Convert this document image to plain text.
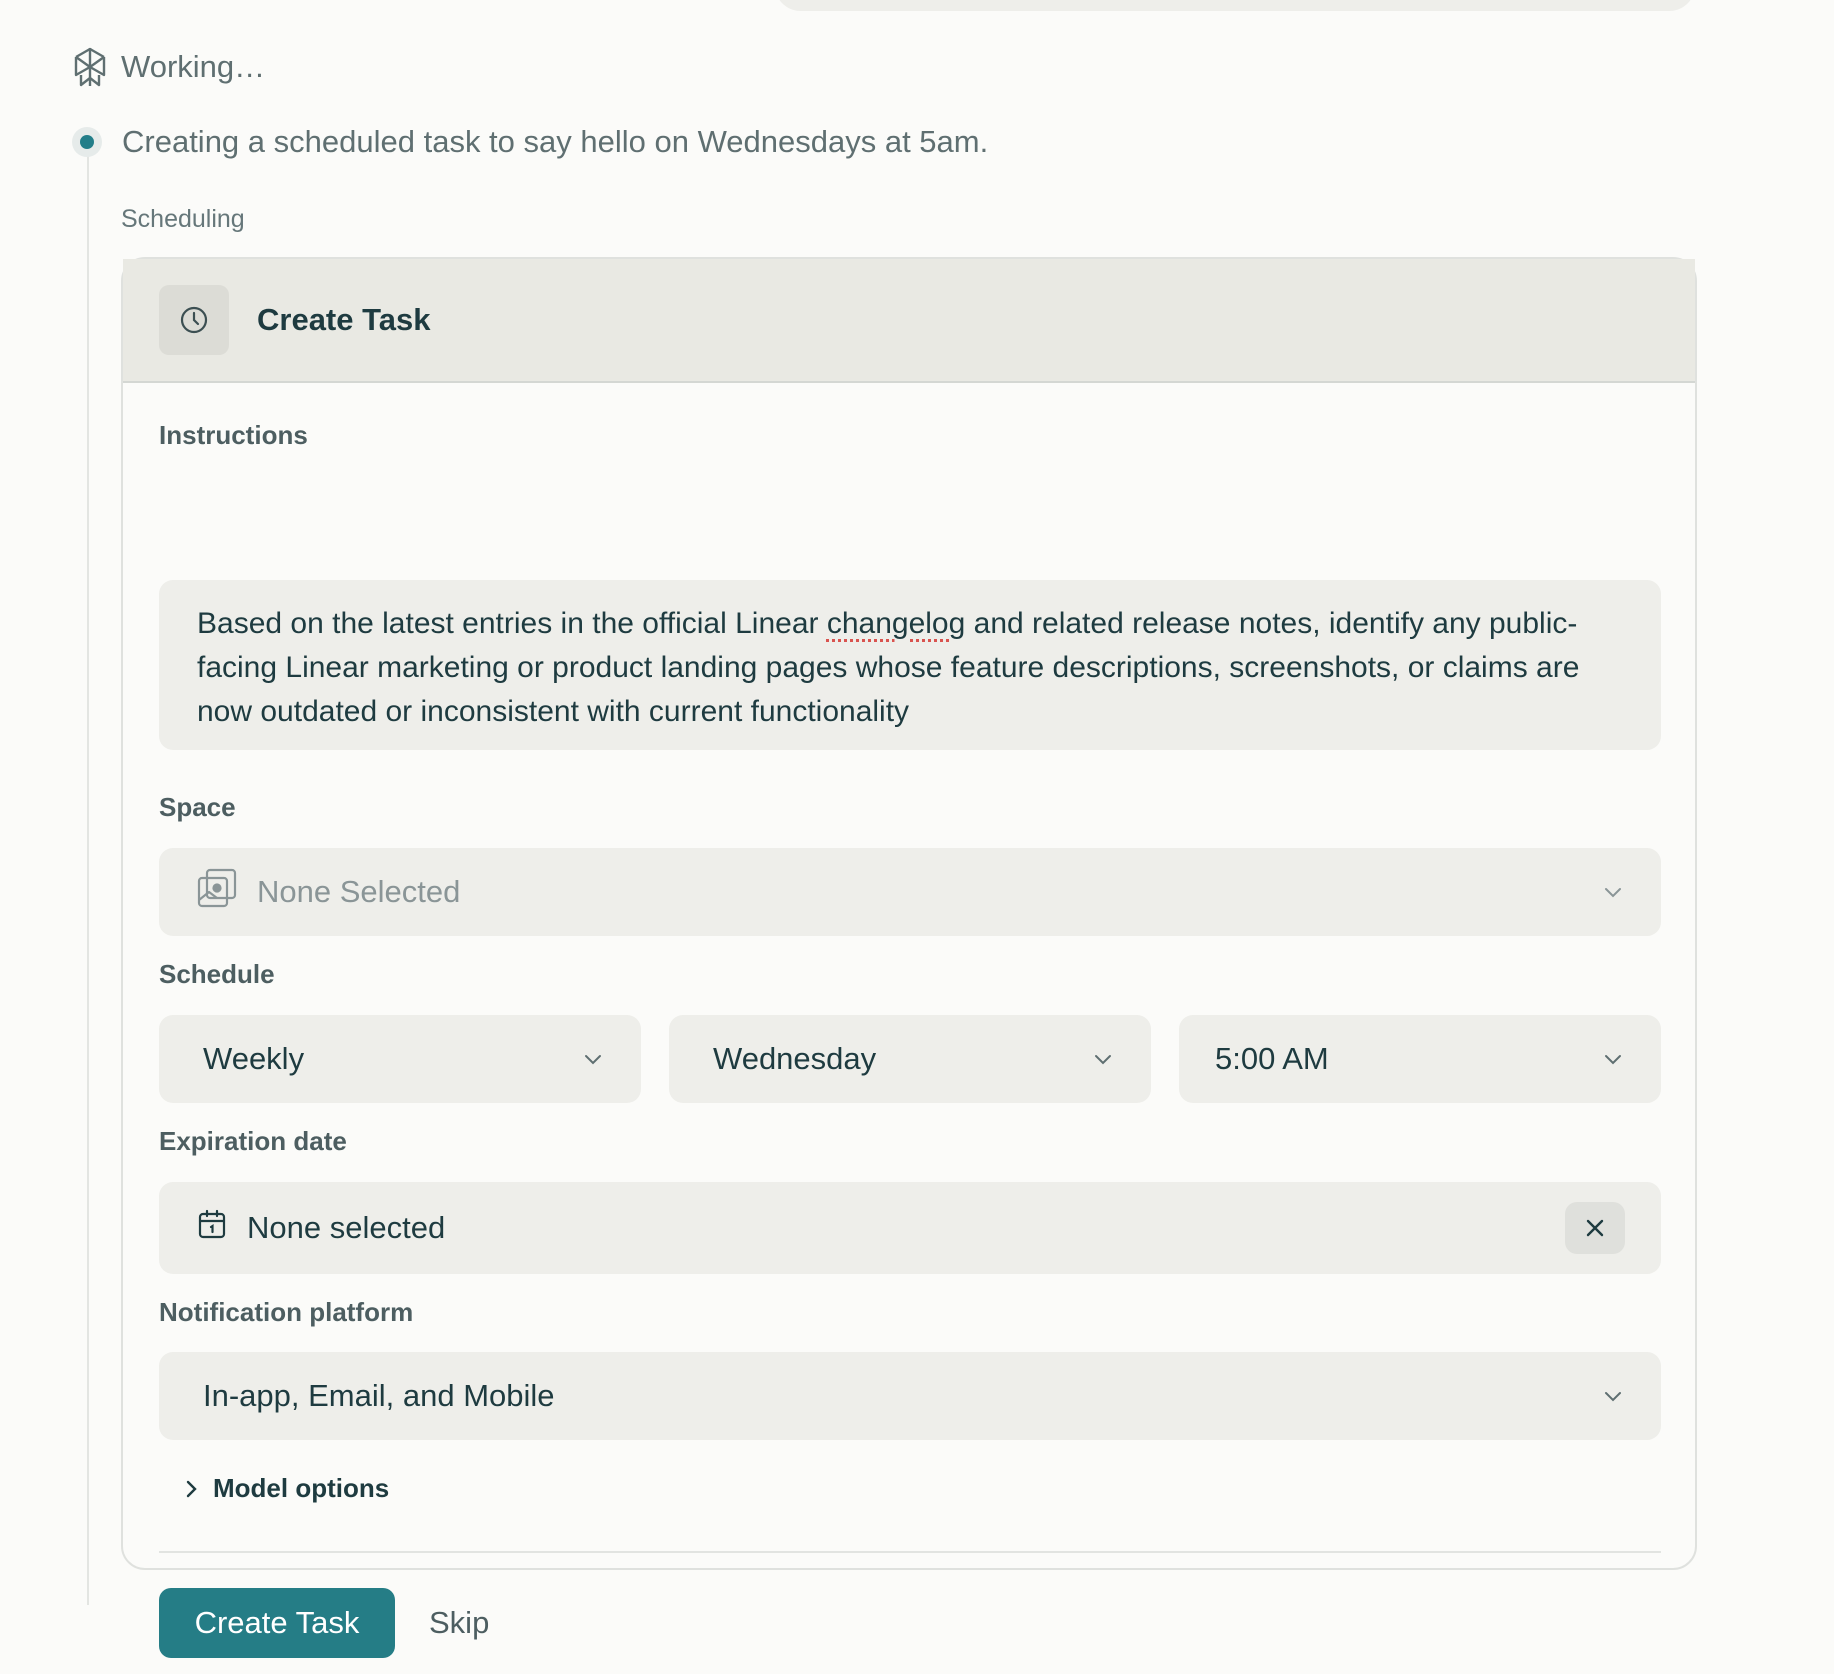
Working…
Creating a scheduled task to say hello on Wednesdays at 5am.
Scheduling
Create Task
Instructions
Based on the latest entries in the official Linear changelog and related release notes, identify any public-facing Linear marketing or product landing pages whose feature descriptions, screenshots, or claims are now outdated or inconsistent with current functionality
Space
None Selected
Schedule
Weekly	Wednesday	5:00 AM
Expiration date
None selected
Notification platform
In-app, Email, and Mobile
Model options
Create Task	Skip
